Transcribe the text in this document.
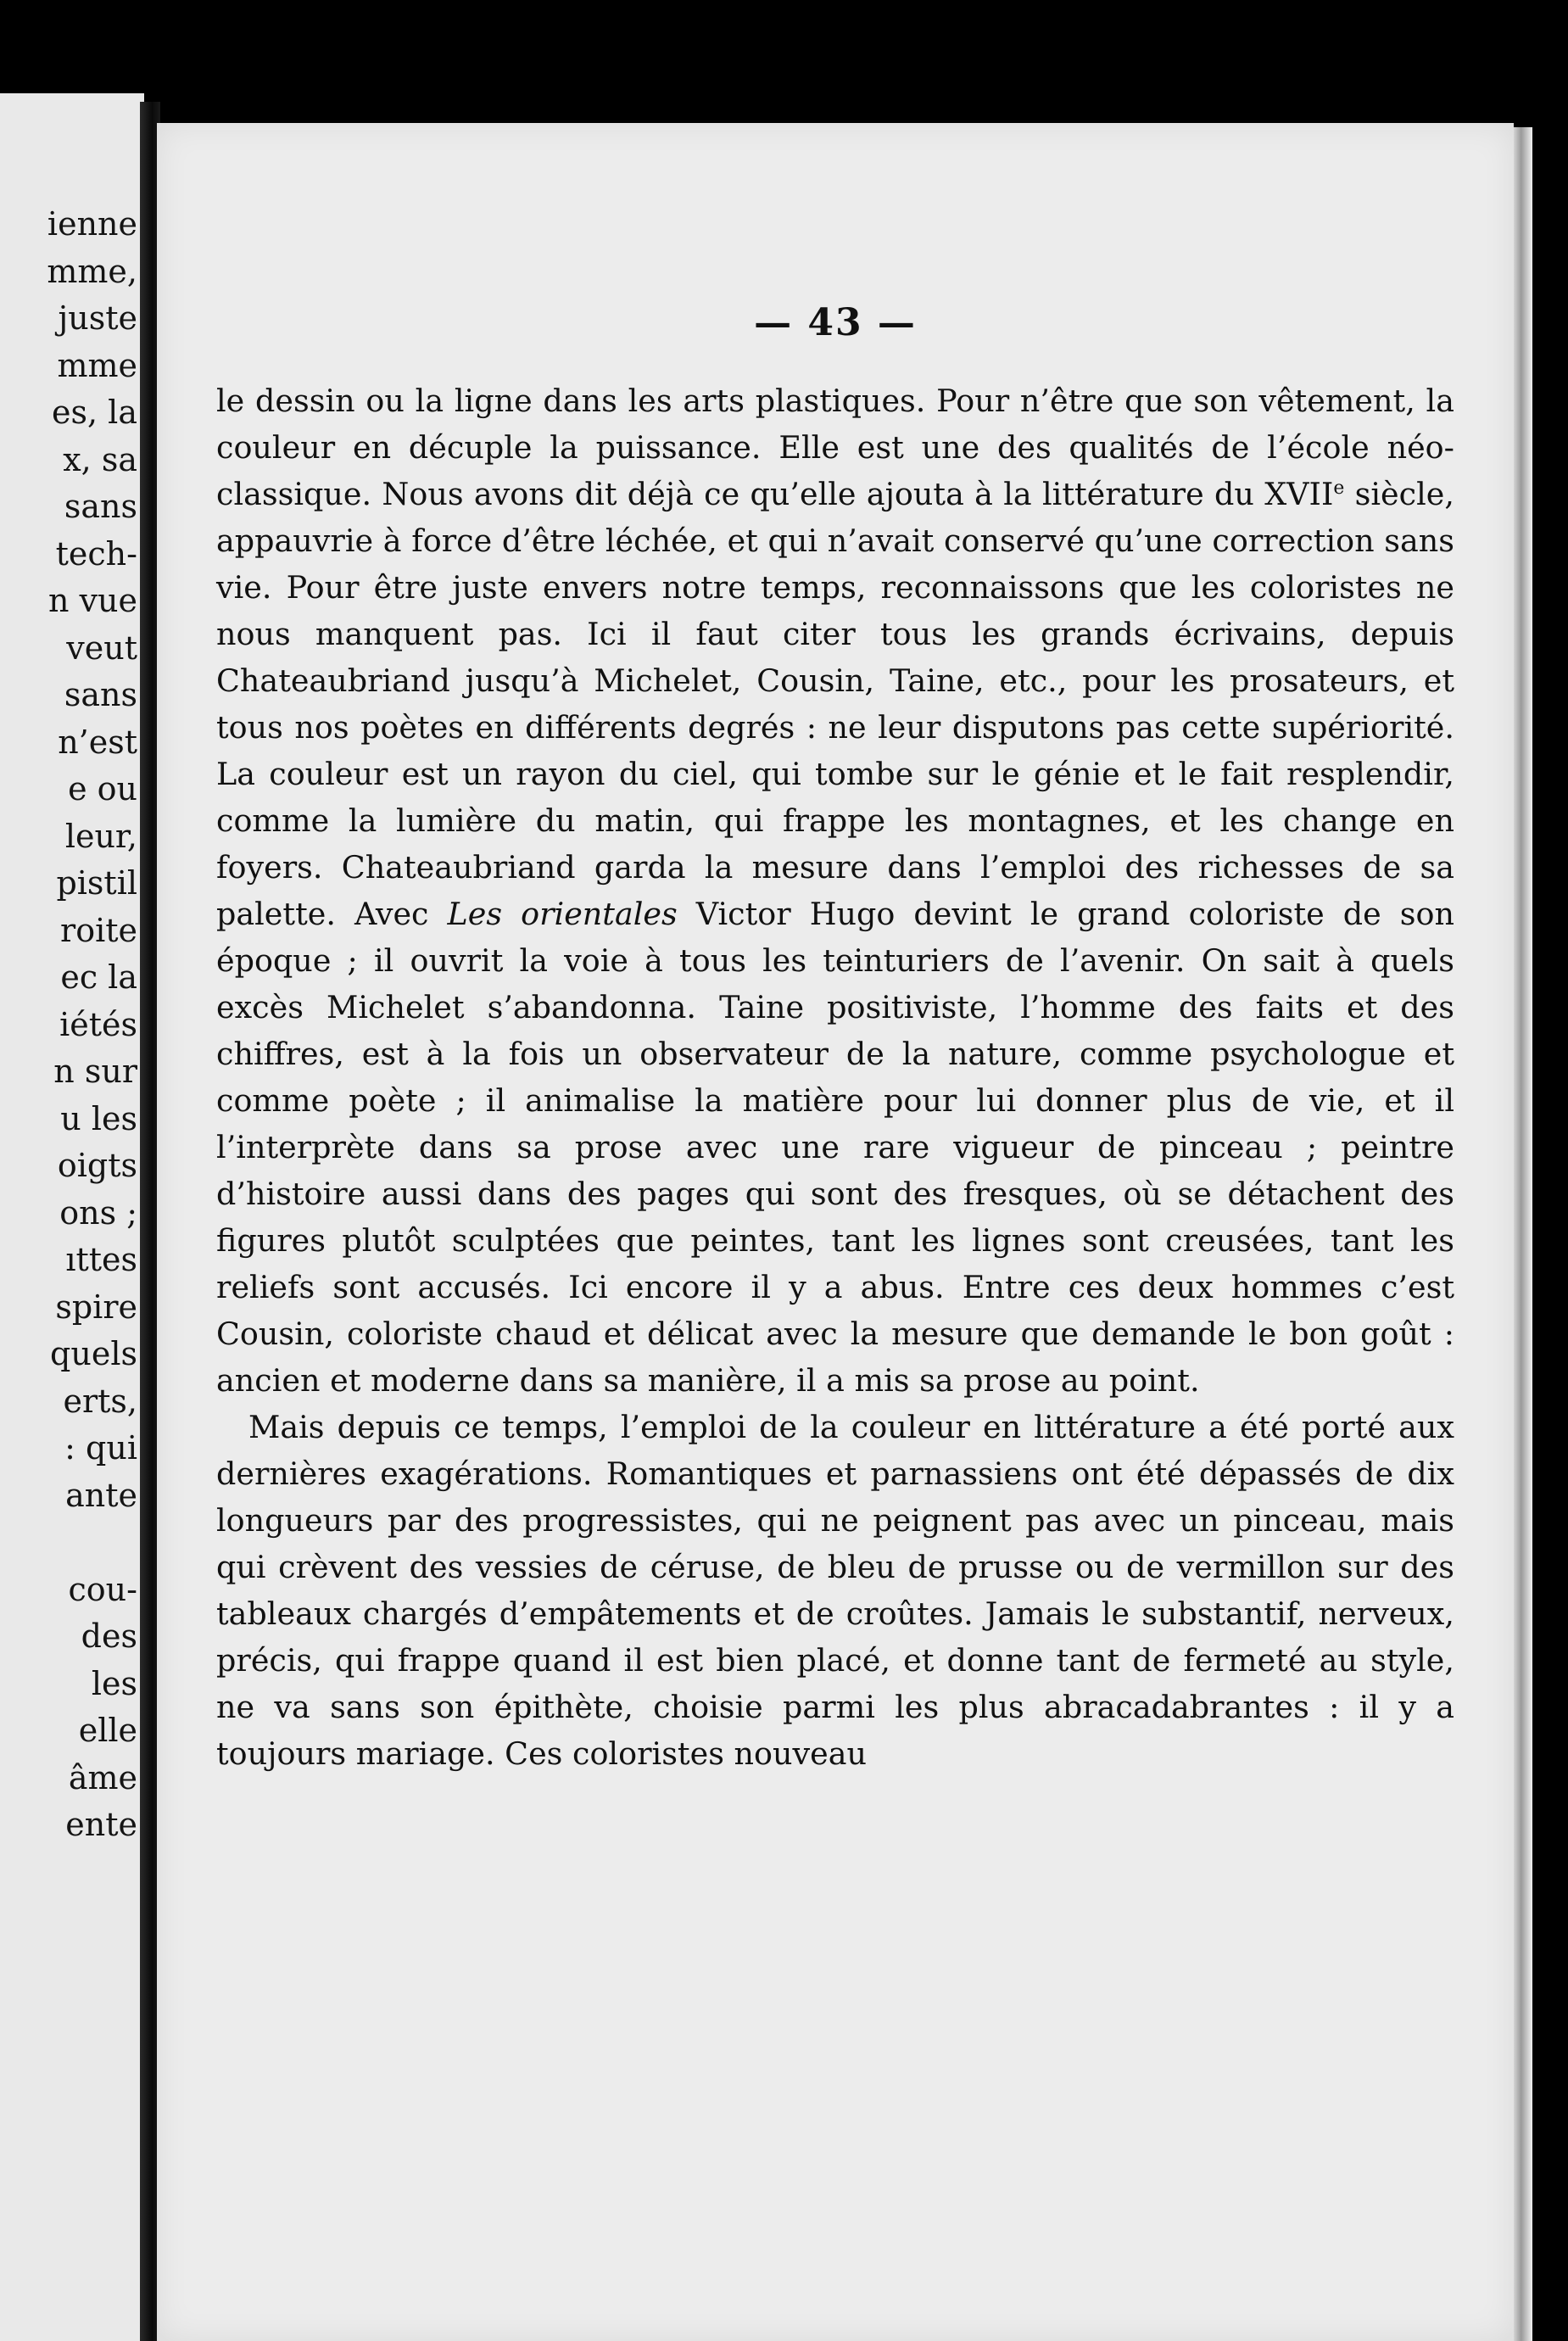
ienne
mme,
juste
mme
es, la
x, sa
sans
tech-
n vue
veut
sans
n’est
e ou
leur,
pistil
roite
ec la
iétés
n sur
u les
oigts
ons ;
ıttes
spire
quels
erts,
: qui
ante
cou-
des
les
elle
âme
ente
— 43 —

le dessin ou la ligne dans les arts plastiques. Pour n’être que son vêtement, la couleur en décuple la puissance. Elle est une des qualités de l’école néo-classique. Nous avons dit déjà ce qu’elle ajouta à la littérature du XVIIe siècle, appauvrie à force d’être léchée, et qui n’avait conservé qu’une correction sans vie. Pour être juste envers notre temps, reconnaissons que les coloristes ne nous manquent pas. Ici il faut citer tous les grands écrivains, depuis Chateaubriand jusqu’à Michelet, Cousin, Taine, etc., pour les prosateurs, et tous nos poètes en différents degrés : ne leur disputons pas cette supériorité. La couleur est un rayon du ciel, qui tombe sur le génie et le fait resplendir, comme la lumière du matin, qui frappe les montagnes, et les change en foyers. Chateaubriand garda la mesure dans l’emploi des richesses de sa palette. Avec Les orientales Victor Hugo devint le grand coloriste de son époque ; il ouvrit la voie à tous les teinturiers de l’avenir. On sait à quels excès Michelet s’abandonna. Taine positiviste, l’homme des faits et des chiffres, est à la fois un observateur de la nature, comme psychologue et comme poète ; il animalise la matière pour lui donner plus de vie, et il l’interprète dans sa prose avec une rare vigueur de pinceau ; peintre d’histoire aussi dans des pages qui sont des fresques, où se détachent des figures plutôt sculptées que peintes, tant les lignes sont creusées, tant les reliefs sont accusés. Ici encore il y a abus. Entre ces deux hommes c’est Cousin, coloriste chaud et délicat avec la mesure que demande le bon goût : ancien et moderne dans sa manière, il a mis sa prose au point.

Mais depuis ce temps, l’emploi de la couleur en littérature a été porté aux dernières exagérations. Romantiques et parnassiens ont été dépassés de dix longueurs par des progressistes, qui ne peignent pas avec un pinceau, mais qui crèvent des vessies de céruse, de bleu de prusse ou de vermillon sur des tableaux chargés d’empâtements et de croûtes. Jamais le substantif, nerveux, précis, qui frappe quand il est bien placé, et donne tant de fermeté au style, ne va sans son épithète, choisie parmi les plus abracadabrantes : il y a toujours mariage. Ces coloristes nouveau
